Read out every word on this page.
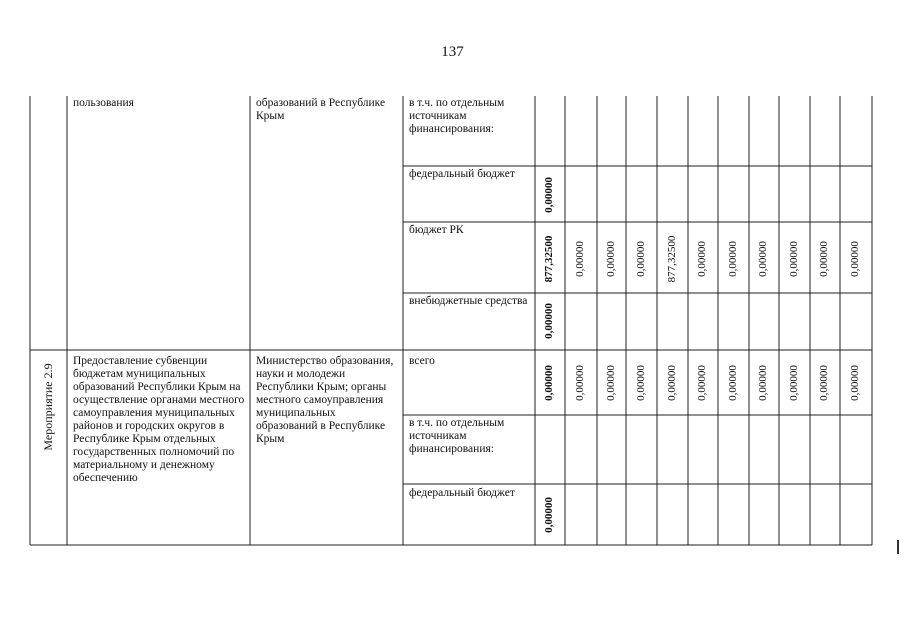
137
пользования	образований в Республике Крым
в т.ч. по отдельным источникам финансирования:
федеральный бюджет
бюджет РК
внебюджетные средства
0,00000
877,32500
0,00000
0,00000 0,00000 0,00000 877,32500 0,00000 0,00000 0,00000 0,00000 0,00000 0,00000
Мероприятие 2.9
Предоставление субвенции бюджетам муниципальных образований Республики Крым на осуществление органами местного самоуправления муниципальных районов и городских округов в Республике Крым отдельных государственных полномочий по материальному и денежному обеспечению
Министерство образования, науки и молодежи Республики Крым; органы местного самоуправления муниципальных образований в Республике Крым
всего
в т.ч. по отдельным источникам финансирования:
федеральный бюджет
0,00000
0,00000
0,00000 0,00000 0,00000 0,00000 0,00000 0,00000 0,00000 0,00000 0,00000 0,00000
